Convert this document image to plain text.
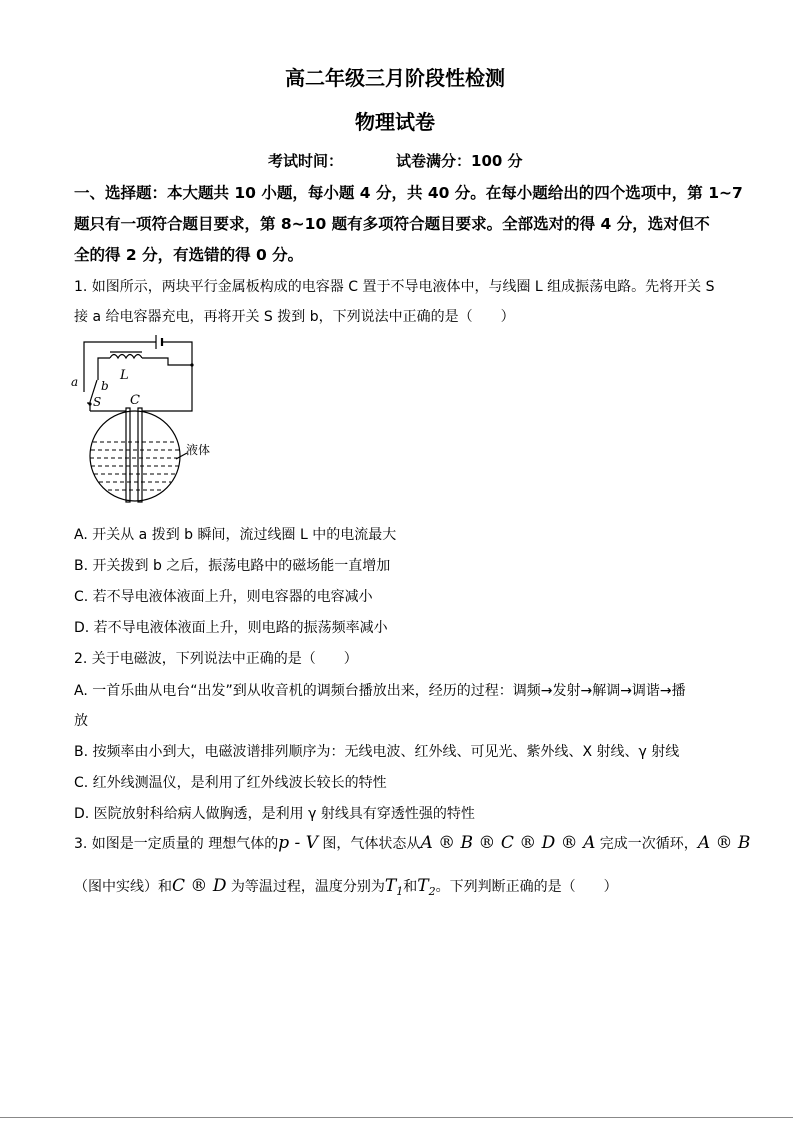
高二年级三月阶段性检测
物理试卷
考试时间：	试卷满分：100 分
一、选择题：本大题共 10 小题，每小题 4 分，共 40 分。在每小题给出的四个选项中，第 1~7
题只有一项符合题目要求，第 8~10 题有多项符合题目要求。全部选对的得 4 分，选对但不
全的得 2 分，有选错的得 0 分。
1. 如图所示，两块平行金属板构成的电容器 C 置于不导电液体中，与线圈 L 组成振荡电路。先将开关 S
接 a 给电容器充电，再将开关 S 拨到 b，下列说法中正确的是（　　）
L
a b
S C
液体
A. 开关从 a 拨到 b 瞬间，流过线圈 L 中的电流最大
B. 开关拨到 b 之后，振荡电路中的磁场能一直增加
C. 若不导电液体液面上升，则电容器的电容减小
D. 若不导电液体液面上升，则电路的振荡频率减小
2. 关于电磁波，下列说法中正确的是（　　）
A. 一首乐曲从电台“出发”到从收音机的调频台播放出来，经历的过程：调频→发射→解调→调谐→播
放
B. 按频率由小到大，电磁波谱排列顺序为：无线电波、红外线、可见光、紫外线、X 射线、γ 射线
C. 红外线测温仪，是利用了红外线波长较长的特性
D. 医院放射科给病人做胸透，是利用 γ 射线具有穿透性强的特性
3. 如图是一定质量的 理想气体的p - V 图，气体状态从A ® B ® C ® D ® A 完成一次循环，A ® B
（图中实线）和C ® D 为等温过程，温度分别为$T_1$和$T_2$。下列判断正确的是（　　）
